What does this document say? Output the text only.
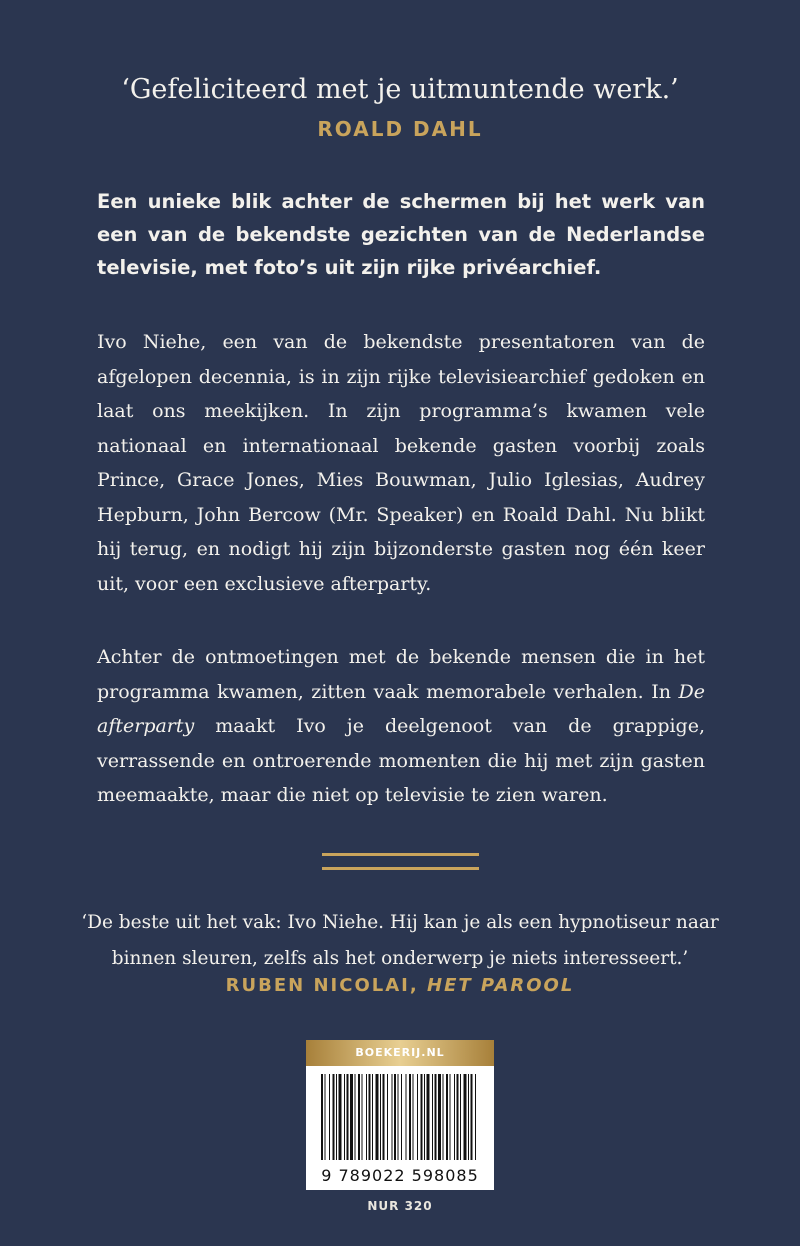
‘Gefeliciteerd met je uitmuntende werk.’
ROALD DAHL
Een unieke blik achter de schermen bij het werk van een van de bekendste gezichten van de Nederlandse televisie, met foto’s uit zijn rijke privéarchief.
Ivo Niehe, een van de bekendste presentatoren van de afgelopen decennia, is in zijn rijke televisiearchief gedoken en laat ons meekijken. In zijn programma’s kwamen vele nationaal en internationaal bekende gasten voorbij zoals Prince, Grace Jones, Mies Bouwman, Julio Iglesias, Audrey Hepburn, John Bercow (Mr. Speaker) en Roald Dahl. Nu blikt hij terug, en nodigt hij zijn bijzonderste gasten nog één keer uit, voor een exclusieve afterparty.
Achter de ontmoetingen met de bekende mensen die in het programma kwamen, zitten vaak memorabele verhalen. In De afterparty maakt Ivo je deelgenoot van de grappige, verrassende en ontroerende momenten die hij met zijn gasten meemaakte, maar die niet op televisie te zien waren.
‘De beste uit het vak: Ivo Niehe. Hij kan je als een hypnotiseur naar
binnen sleuren, zelfs als het onderwerp je niets interesseert.’
RUBEN NICOLAI, HET PAROOL
BOEKERIJ.NL
9 789022 598085
NUR 320
